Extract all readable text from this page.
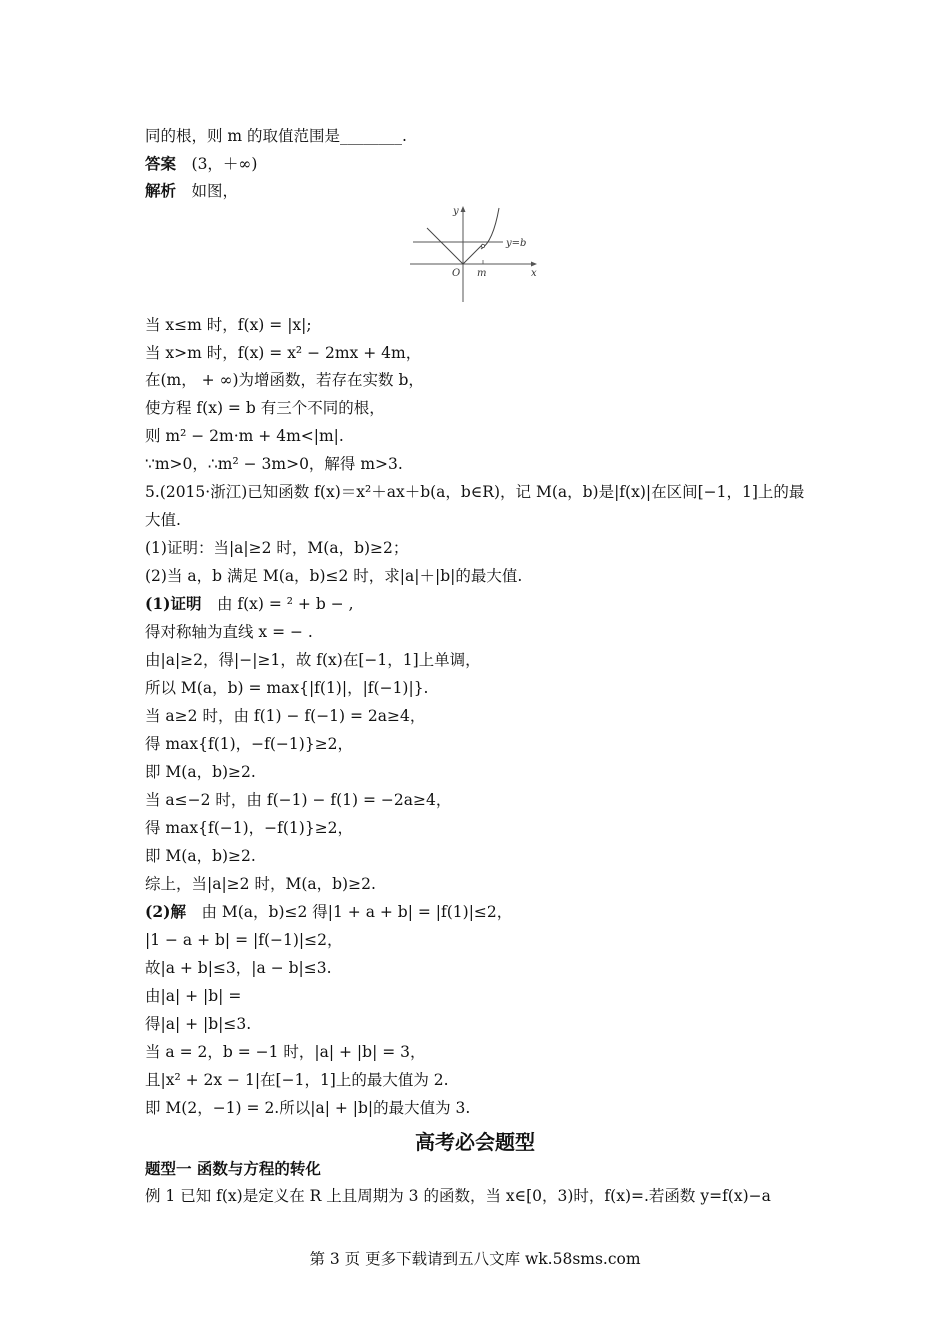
同的根，则 m 的取值范围是________.
答案 (3，＋∞)
解析 如图，
当 x≤m 时，f(x) = |x|;
当 x>m 时，f(x) = x² − 2mx + 4m，
在(m， + ∞)为增函数，若存在实数 b，
使方程 f(x) = b 有三个不同的根，
则 m² − 2m·m + 4m<|m|.
∵m>0，∴m² − 3m>0，解得 m>3.
5.(2015·浙江)已知函数 f(x)＝x²＋ax＋b(a，b∈R)，记 M(a，b)是|f(x)|在区间[−1，1]上的最
大值.
(1)证明：当|a|≥2 时，M(a，b)≥2；
(2)当 a，b 满足 M(a，b)≤2 时，求|a|＋|b|的最大值.
(1)证明 由 f(x) = ² + b − ,
得对称轴为直线 x = − .
由|a|≥2，得|−|≥1，故 f(x)在[−1，1]上单调，
所以 M(a，b) = max{|f(1)|，|f(−1)|}.
当 a≥2 时，由 f(1) − f(−1) = 2a≥4，
得 max{f(1)，−f(−1)}≥2，
即 M(a，b)≥2.
当 a≤−2 时，由 f(−1) − f(1) = −2a≥4，
得 max{f(−1)，−f(1)}≥2，
即 M(a，b)≥2.
综上，当|a|≥2 时，M(a，b)≥2.
(2)解 由 M(a，b)≤2 得|1 + a + b| = |f(1)|≤2，
|1 − a + b| = |f(−1)|≤2，
故|a + b|≤3，|a − b|≤3.
由|a| + |b| =
得|a| + |b|≤3.
当 a = 2，b = −1 时，|a| + |b| = 3，
且|x² + 2x − 1|在[−1，1]上的最大值为 2.
即 M(2，−1) = 2.所以|a| + |b|的最大值为 3.
题型一 函数与方程的转化
例 1 已知 f(x)是定义在 R 上且周期为 3 的函数，当 x∈[0，3)时，f(x)=.若函数 y=f(x)−a
高考必会题型
y
x
O m
y=b
第 3 页 更多下载请到五八文库 wk.58sms.com
